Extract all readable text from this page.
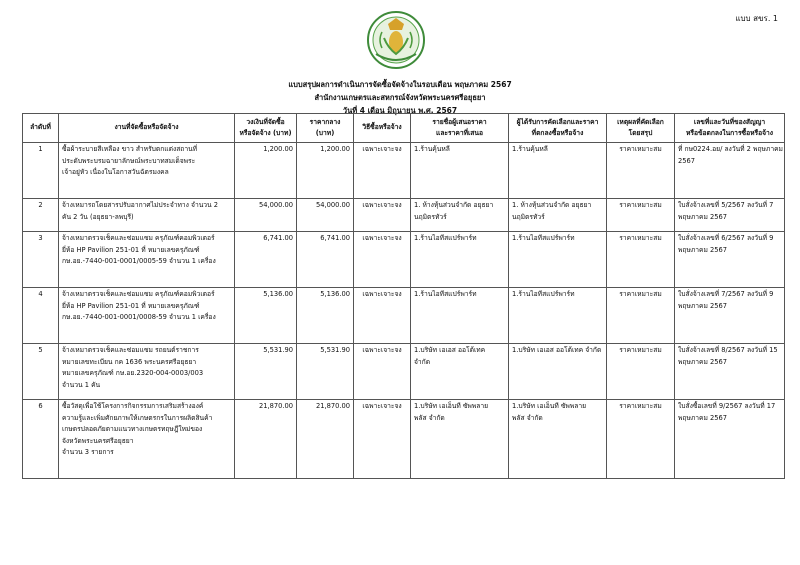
แบบ สขร. 1
แบบสรุปผลการดำเนินการจัดซื้อจัดจ้างในรอบเดือน พฤษภาคม 2567
สำนักงานเกษตรและสหกรณ์จังหวัดพระนครศรีอยุธยา
วันที่ 4 เดือน มิถุนายน พ.ศ. 2567
ลำดับที่	งานที่จัดซื้อหรือจัดจ้าง	วงเงินที่จัดซื้อ
หรือจัดจ้าง (บาท)	ราคากลาง
(บาท)	วิธีซื้อหรือจ้าง	รายชื่อผู้เสนอราคา
และราคาที่เสนอ	ผู้ได้รับการคัดเลือกและราคา
ที่ตกลงซื้อหรือจ้าง	เหตุผลที่คัดเลือก
โดยสรุป	เลขที่และวันที่ของสัญญา
หรือข้อตกลงในการซื้อหรือจ้าง

1	ซื้อผ้าระบายสีเหลือง ขาว สำหรับตกแต่งสถานที่
ประดับพระบรมฉายาลักษณ์พระบาทสมเด็จพระ
เจ้าอยู่หัว เนื่องในโอกาสวันฉัตรมงคล	1,200.00	1,200.00	เฉพาะเจาะจง	1.ร้านคุ้นหลี	1.ร้านคุ้นหลี	ราคาเหมาะสม	ที่ กษ0224.อย/ ลงวันที่ 2 พฤษภาคม
2567

2	จ้างเหมารถโดยสารปรับอากาศไม่ประจำทาง จำนวน 2
คัน 2 วัน (อยุธยา-ลพบุรี)	54,000.00	54,000.00	เฉพาะเจาะจง	1. ห้างหุ้นส่วนจำกัด อยุธยา
นฤมิตรทัวร์	1. ห้างหุ้นส่วนจำกัด อยุธยา
นฤมิตรทัวร์	ราคาเหมาะสม	ใบสั่งจ้างเลขที่ 5/2567 ลงวันที่ 7
พฤษภาคม 2567

3	จ้างเหมาตรวจเช็คและซ่อมแซม ครุภัณฑ์คอมพิวเตอร์
ยี่ห้อ HP Pavilion 251-01 ที่ หมายเลขครุภัณฑ์
กษ.อย.-7440-001-0001/0005-59 จำนวน 1 เครื่อง	6,741.00	6,741.00	เฉพาะเจาะจง	1.ร้านไอทีสแปร์พาร์ท	1.ร้านไอทีสแปร์พาร์ท	ราคาเหมาะสม	ใบสั่งจ้างเลขที่ 6/2567 ลงวันที่ 9
พฤษภาคม 2567

4	จ้างเหมาตรวจเช็คและซ่อมแซม ครุภัณฑ์คอมพิวเตอร์
ยี่ห้อ HP Pavilion 251-01 ที่ หมายเลขครุภัณฑ์
กษ.อย.-7440-001-0001/0008-59 จำนวน 1 เครื่อง	5,136.00	5,136.00	เฉพาะเจาะจง	1.ร้านไอทีสแปร์พาร์ท	1.ร้านไอทีสแปร์พาร์ท	ราคาเหมาะสม	ใบสั่งจ้างเลขที่ 7/2567 ลงวันที่ 9
พฤษภาคม 2567

5	จ้างเหมาตรวจเช็คและซ่อมแซม รถยนต์ราชการ
หมายเลขทะเบียน กค 1636 พระนครศรีอยุธยา
หมายเลขครุภัณฑ์ กษ.อย.2320-004-0003/003
จำนวน 1 คัน	5,531.90	5,531.90	เฉพาะเจาะจง	1.บริษัท เอเอส ออโต้เทค
จำกัด	1.บริษัท เอเอส ออโต้เทค จำกัด	ราคาเหมาะสม	ใบสั่งจ้างเลขที่ 8/2567 ลงวันที่ 15
พฤษภาคม 2567

6	ซื้อวัสดุเพื่อใช้โครงการกิจกรรมการเสริมสร้างองค์
ความรู้และเพิ่มศักยภาพให้เกษตรกรในการผลิตสินค้า
เกษตรปลอดภัยตามแนวทางเกษตรทฤษฎีใหม่ของ
จังหวัดพระนครศรีอยุธยา
จำนวน 3 รายการ	21,870.00	21,870.00	เฉพาะเจาะจง	1.บริษัท เอเอ็นที ซัพพลาย
พลัส จำกัด	1.บริษัท เอเอ็นที ซัพพลาย
พลัส จำกัด	ราคาเหมาะสม	ใบสั่งซื้อเลขที่ 9/2567 ลงวันที่ 17
พฤษภาคม 2567
